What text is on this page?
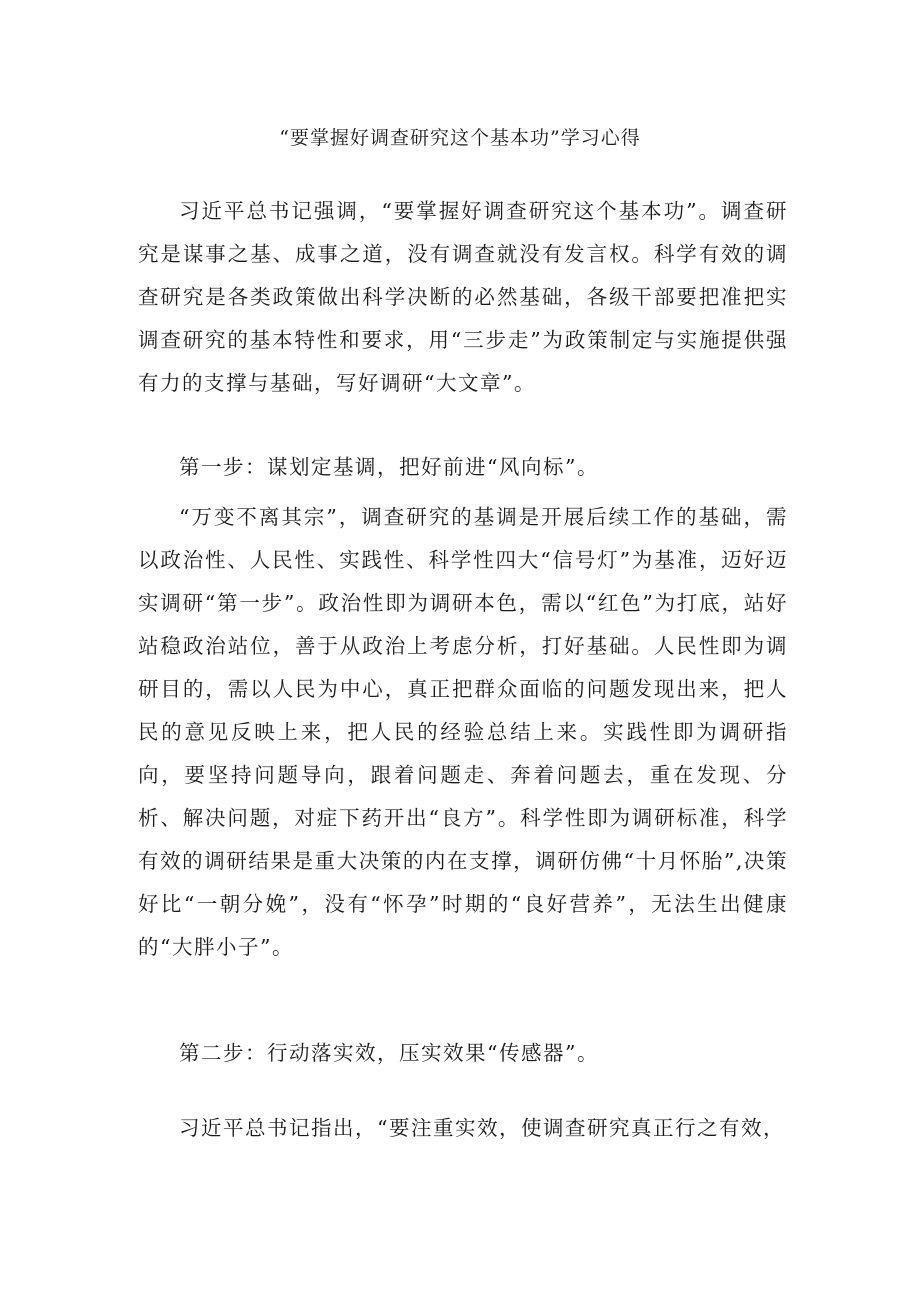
“要掌握好调查研究这个基本功”学习心得

习近平总书记强调，“要掌握好调查研究这个基本功”。调查研究是谋事之基、成事之道，没有调查就没有发言权。科学有效的调查研究是各类政策做出科学决断的必然基础，各级干部要把准把实调查研究的基本特性和要求，用“三步走”为政策制定与实施提供强有力的支撑与基础，写好调研“大文章”。

第一步：谋划定基调，把好前进“风向标”。

“万变不离其宗”，调查研究的基调是开展后续工作的基础，需以政治性、人民性、实践性、科学性四大“信号灯”为基准，迈好迈实调研“第一步”。政治性即为调研本色，需以“红色”为打底，站好站稳政治站位，善于从政治上考虑分析，打好基础。人民性即为调研目的，需以人民为中心，真正把群众面临的问题发现出来，把人民的意见反映上来，把人民的经验总结上来。实践性即为调研指向，要坚持问题导向，跟着问题走、奔着问题去，重在发现、分析、解决问题，对症下药开出“良方”。科学性即为调研标准，科学有效的调研结果是重大决策的内在支撑，调研仿佛“十月怀胎”,决策好比“一朝分娩”，没有“怀孕”时期的“良好营养”，无法生出健康的“大胖小子”。

第二步：行动落实效，压实效果“传感器”。

习近平总书记指出，“要注重实效，使调查研究真正行之有效，
